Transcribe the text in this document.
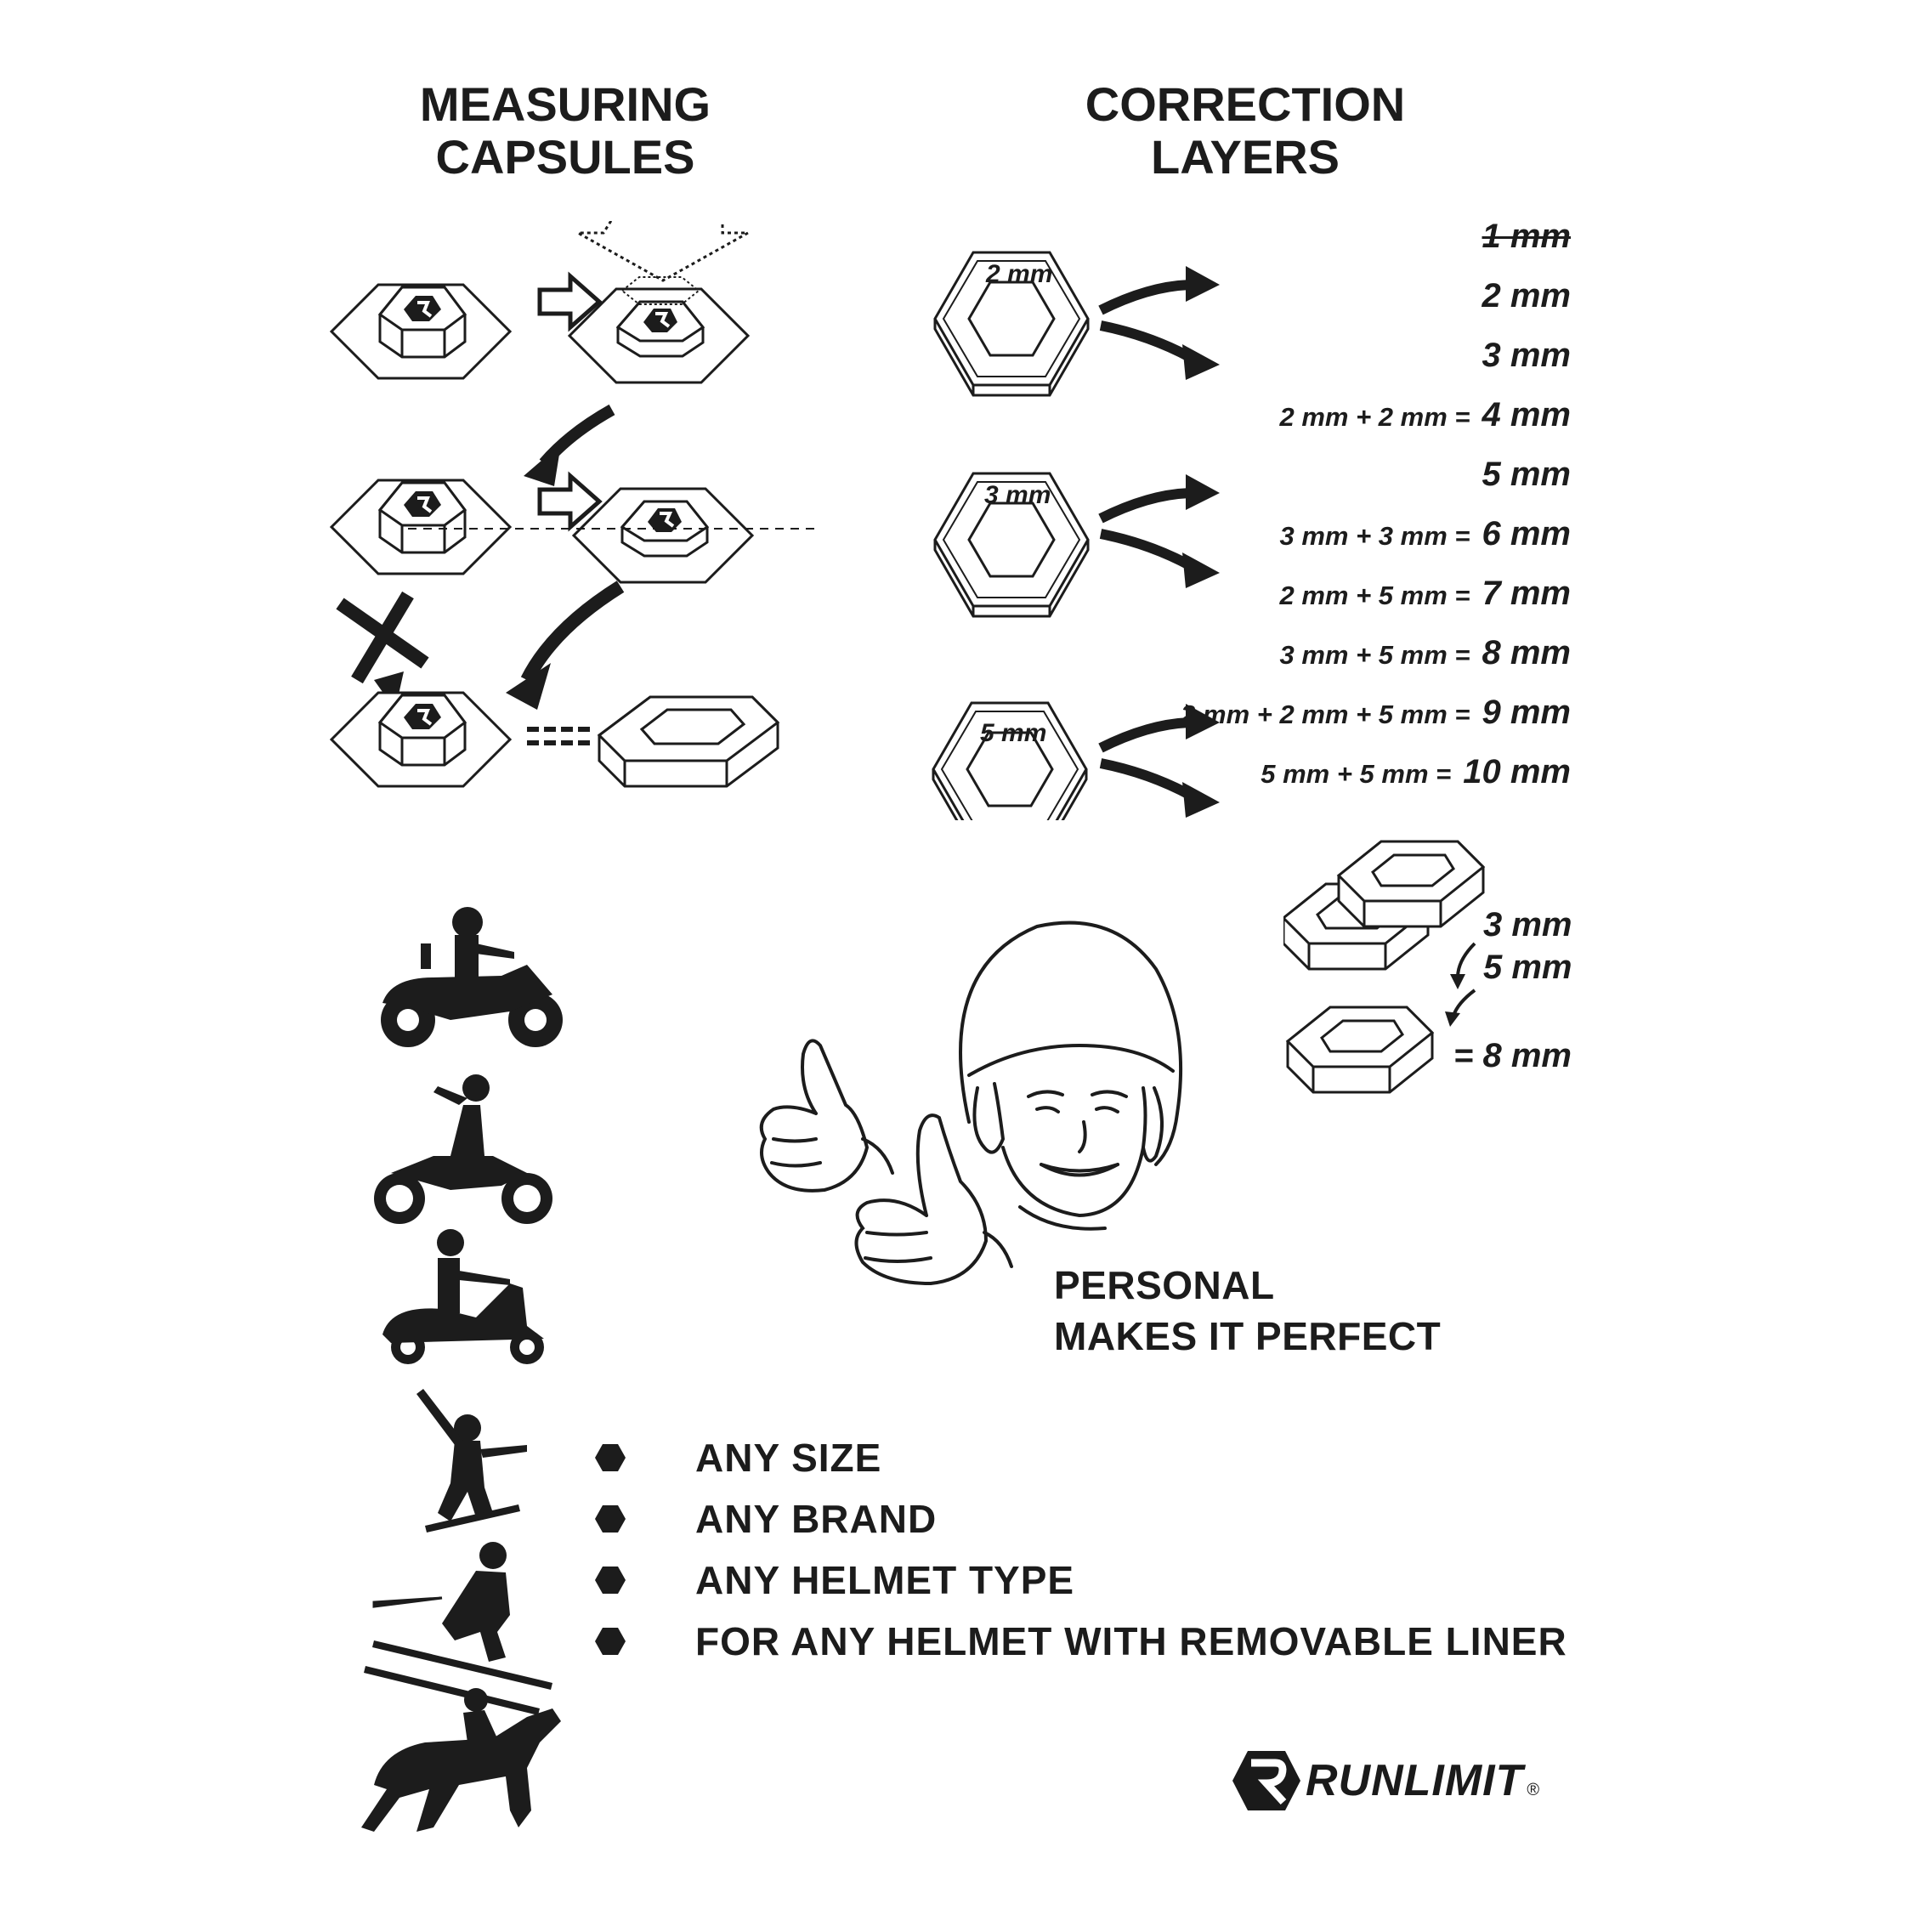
MEASURING
CAPSULES
CORRECTION
LAYERS
2 mm
3 mm
5 mm
1 mm
2 mm
3 mm
2 mm + 2 mm = 4 mm
5 mm
3 mm + 3 mm = 6 mm
2 mm + 5 mm = 7 mm
3 mm + 5 mm = 8 mm
2 mm + 2 mm + 5 mm = 9 mm
5 mm + 5 mm = 10 mm
3 mm
5 mm
= 8 mm
PERSONAL
MAKES IT PERFECT
ANY SIZE
ANY BRAND
ANY HELMET TYPE
FOR ANY HELMET WITH REMOVABLE LINER
RUNLIMIT ®
